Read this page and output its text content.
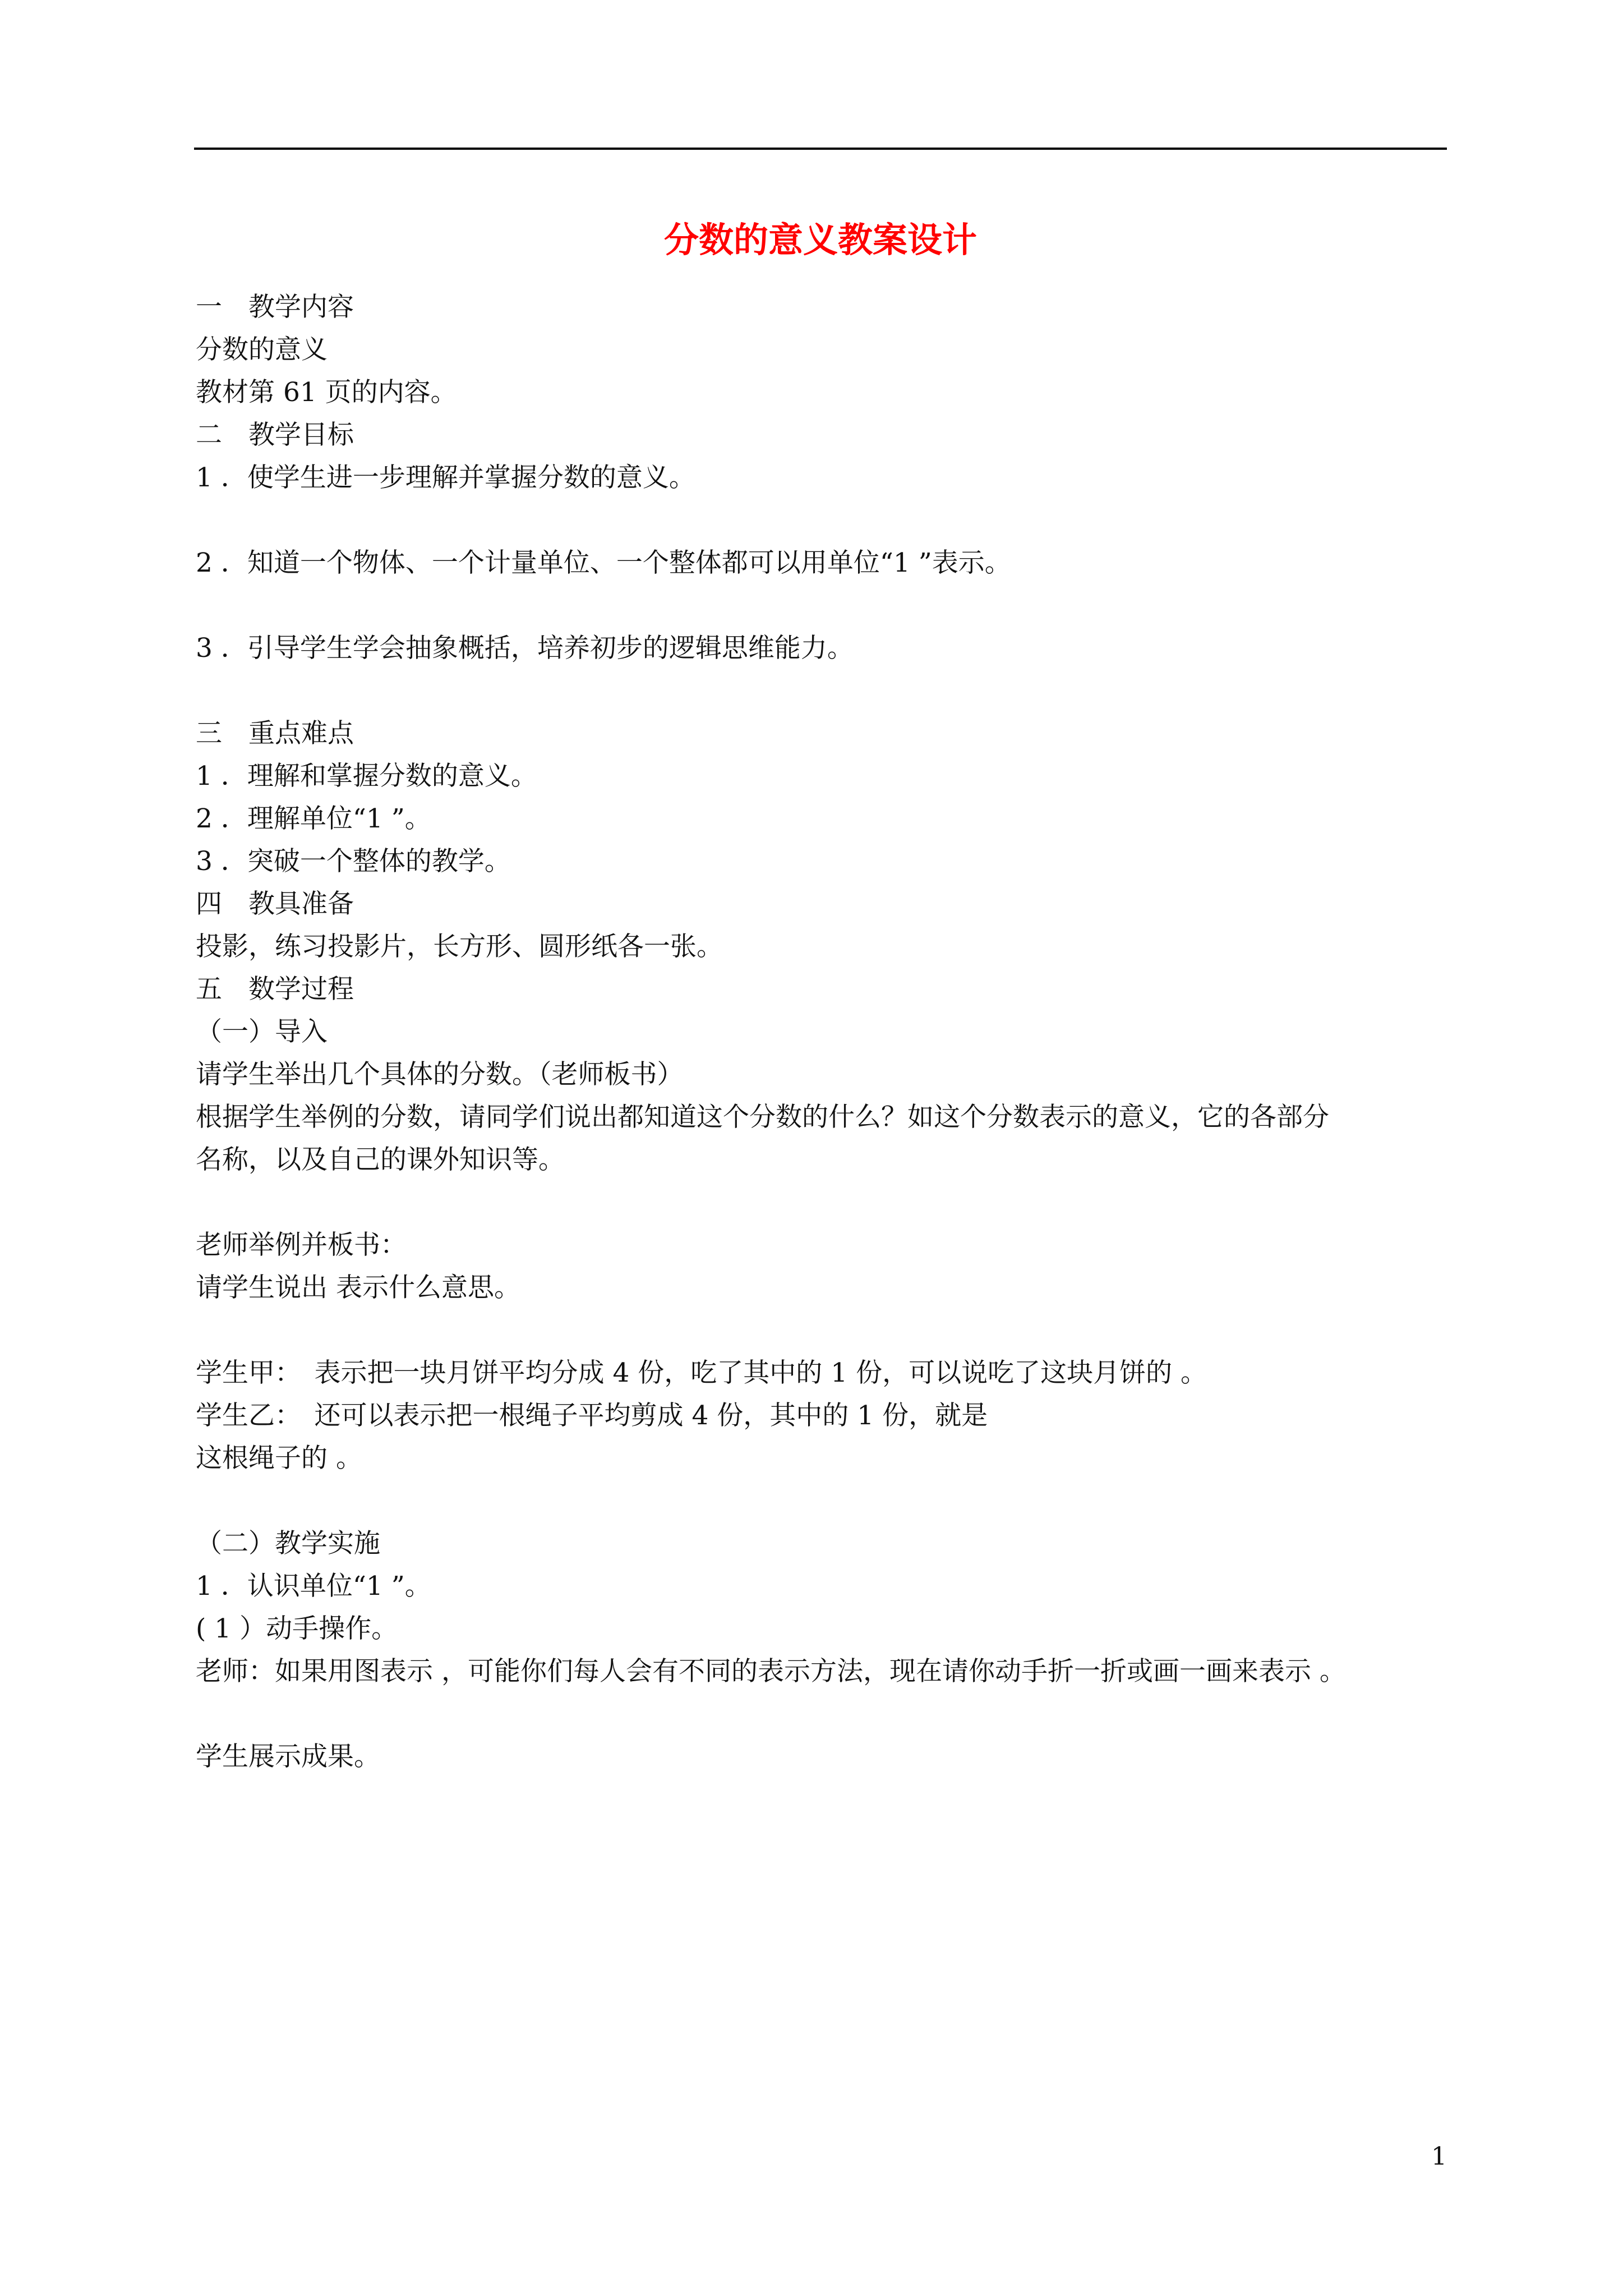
分数的意义教案设计
一　教学内容
分数的意义
教材第 61 页的内容。
二　教学目标
1 ．使学生进一步理解并掌握分数的意义。
2 ．知道一个物体、一个计量单位、一个整体都可以用单位“1 ”表示。
3 ．引导学生学会抽象概括，培养初步的逻辑思维能力。
三　重点难点
1 ．理解和掌握分数的意义。
2 ．理解单位“1 ”。
3 ．突破一个整体的教学。
四　教具准备
投影，练习投影片，长方形、圆形纸各一张。
五　数学过程
（一）导入
请学生举出几个具体的分数。（老师板书）
根据学生举例的分数，请同学们说出都知道这个分数的什么？如这个分数表示的意义，它的各部分
名称，以及自己的课外知识等。
老师举例并板书：
请学生说出 表示什么意思。
学生甲：　表示把一块月饼平均分成 4 份，吃了其中的 1 份，可以说吃了这块月饼的 。
学生乙：　还可以表示把一根绳子平均剪成 4 份，其中的 1 份，就是
这根绳子的 。
（二）教学实施
1 ．认识单位“1 ”。
( 1 ）动手操作。
老师：如果用图表示 ，可能你们每人会有不同的表示方法，现在请你动手折一折或画一画来表示 。
学生展示成果。
1
